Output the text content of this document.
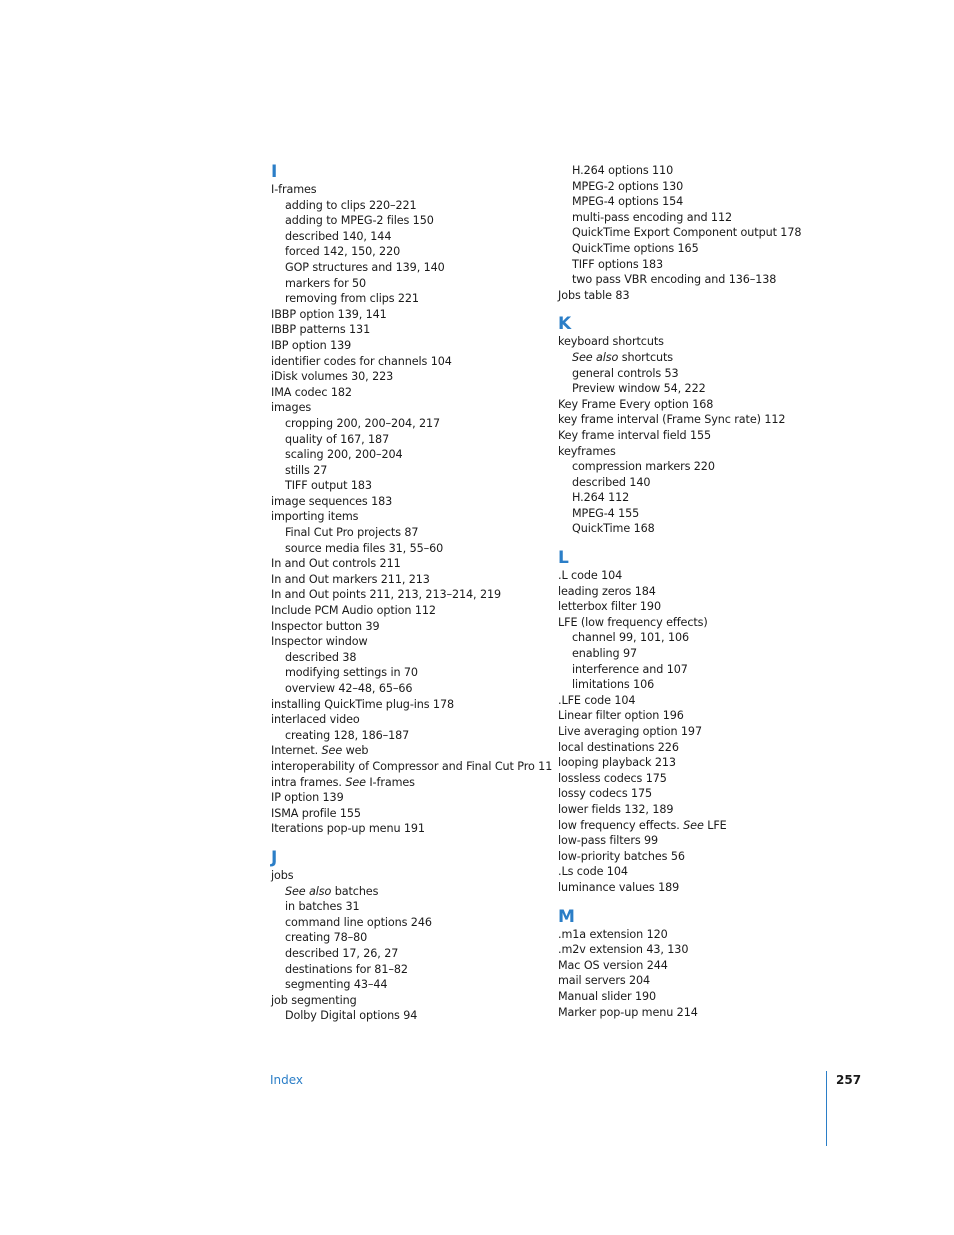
I
I-frames
adding to clips 220–221
adding to MPEG-2 files 150
described 140, 144
forced 142, 150, 220
GOP structures and 139, 140
markers for 50
removing from clips 221
IBBP option 139, 141
IBBP patterns 131
IBP option 139
identifier codes for channels 104
iDisk volumes 30, 223
IMA codec 182
images
cropping 200, 200–204, 217
quality of 167, 187
scaling 200, 200–204
stills 27
TIFF output 183
image sequences 183
importing items
Final Cut Pro projects 87
source media files 31, 55–60
In and Out controls 211
In and Out markers 211, 213
In and Out points 211, 213, 213–214, 219
Include PCM Audio option 112
Inspector button 39
Inspector window
described 38
modifying settings in 70
overview 42–48, 65–66
installing QuickTime plug-ins 178
interlaced video
creating 128, 186–187
Internet. See web
interoperability of Compressor and Final Cut Pro 11
intra frames. See I-frames
IP option 139
ISMA profile 155
Iterations pop-up menu 191
J
jobs
See also batches
in batches 31
command line options 246
creating 78–80
described 17, 26, 27
destinations for 81–82
segmenting 43–44
job segmenting
Dolby Digital options 94
H.264 options 110
MPEG-2 options 130
MPEG-4 options 154
multi-pass encoding and 112
QuickTime Export Component output 178
QuickTime options 165
TIFF options 183
two pass VBR encoding and 136–138
Jobs table 83
K
keyboard shortcuts
See also shortcuts
general controls 53
Preview window 54, 222
Key Frame Every option 168
key frame interval (Frame Sync rate) 112
Key frame interval field 155
keyframes
compression markers 220
described 140
H.264 112
MPEG-4 155
QuickTime 168
L
.L code 104
leading zeros 184
letterbox filter 190
LFE (low frequency effects)
channel 99, 101, 106
enabling 97
interference and 107
limitations 106
.LFE code 104
Linear filter option 196
Live averaging option 197
local destinations 226
looping playback 213
lossless codecs 175
lossy codecs 175
lower fields 132, 189
low frequency effects. See LFE
low-pass filters 99
low-priority batches 56
.Ls code 104
luminance values 189
M
.m1a extension 120
.m2v extension 43, 130
Mac OS version 244
mail servers 204
Manual slider 190
Marker pop-up menu 214
Index	257
